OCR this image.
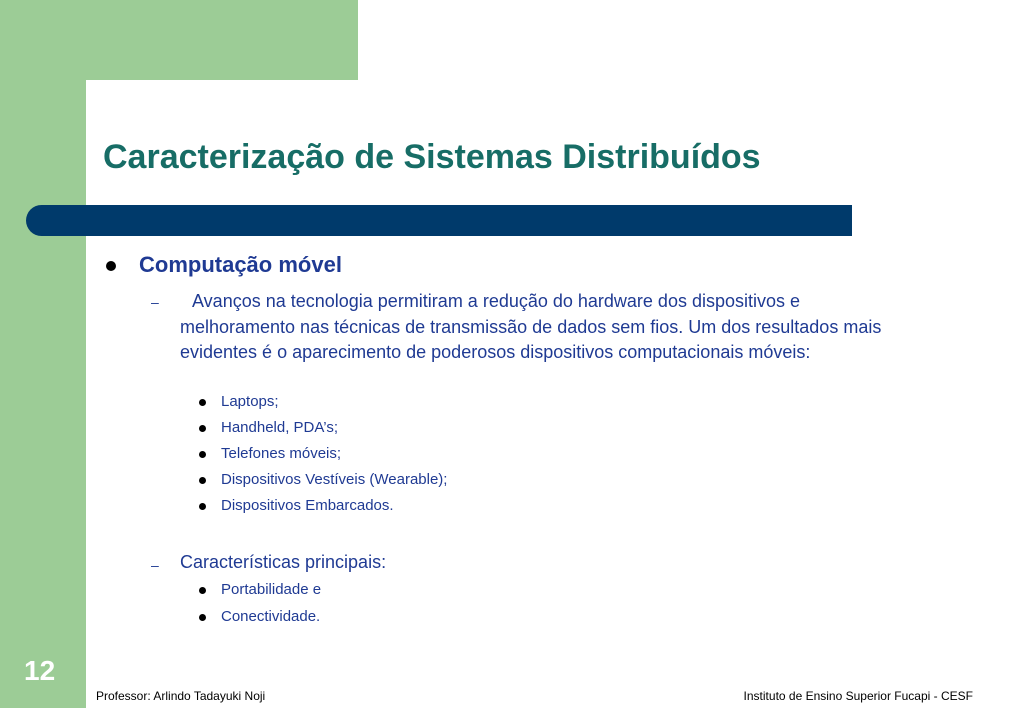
Caracterização de Sistemas Distribuídos
Computação móvel
–	Avanços na tecnologia permitiram a redução do hardware dos dispositivos e melhoramento nas técnicas de transmissão de dados sem fios. Um dos resultados mais evidentes é o aparecimento de poderosos dispositivos computacionais móveis:
Laptops;
Handheld, PDA’s;
Telefones móveis;
Dispositivos Vestíveis (Wearable);
Dispositivos Embarcados.
– Características principais:
Portabilidade e
Conectividade.
12
Professor: Arlindo Tadayuki Noji	Instituto de Ensino Superior Fucapi - CESF
